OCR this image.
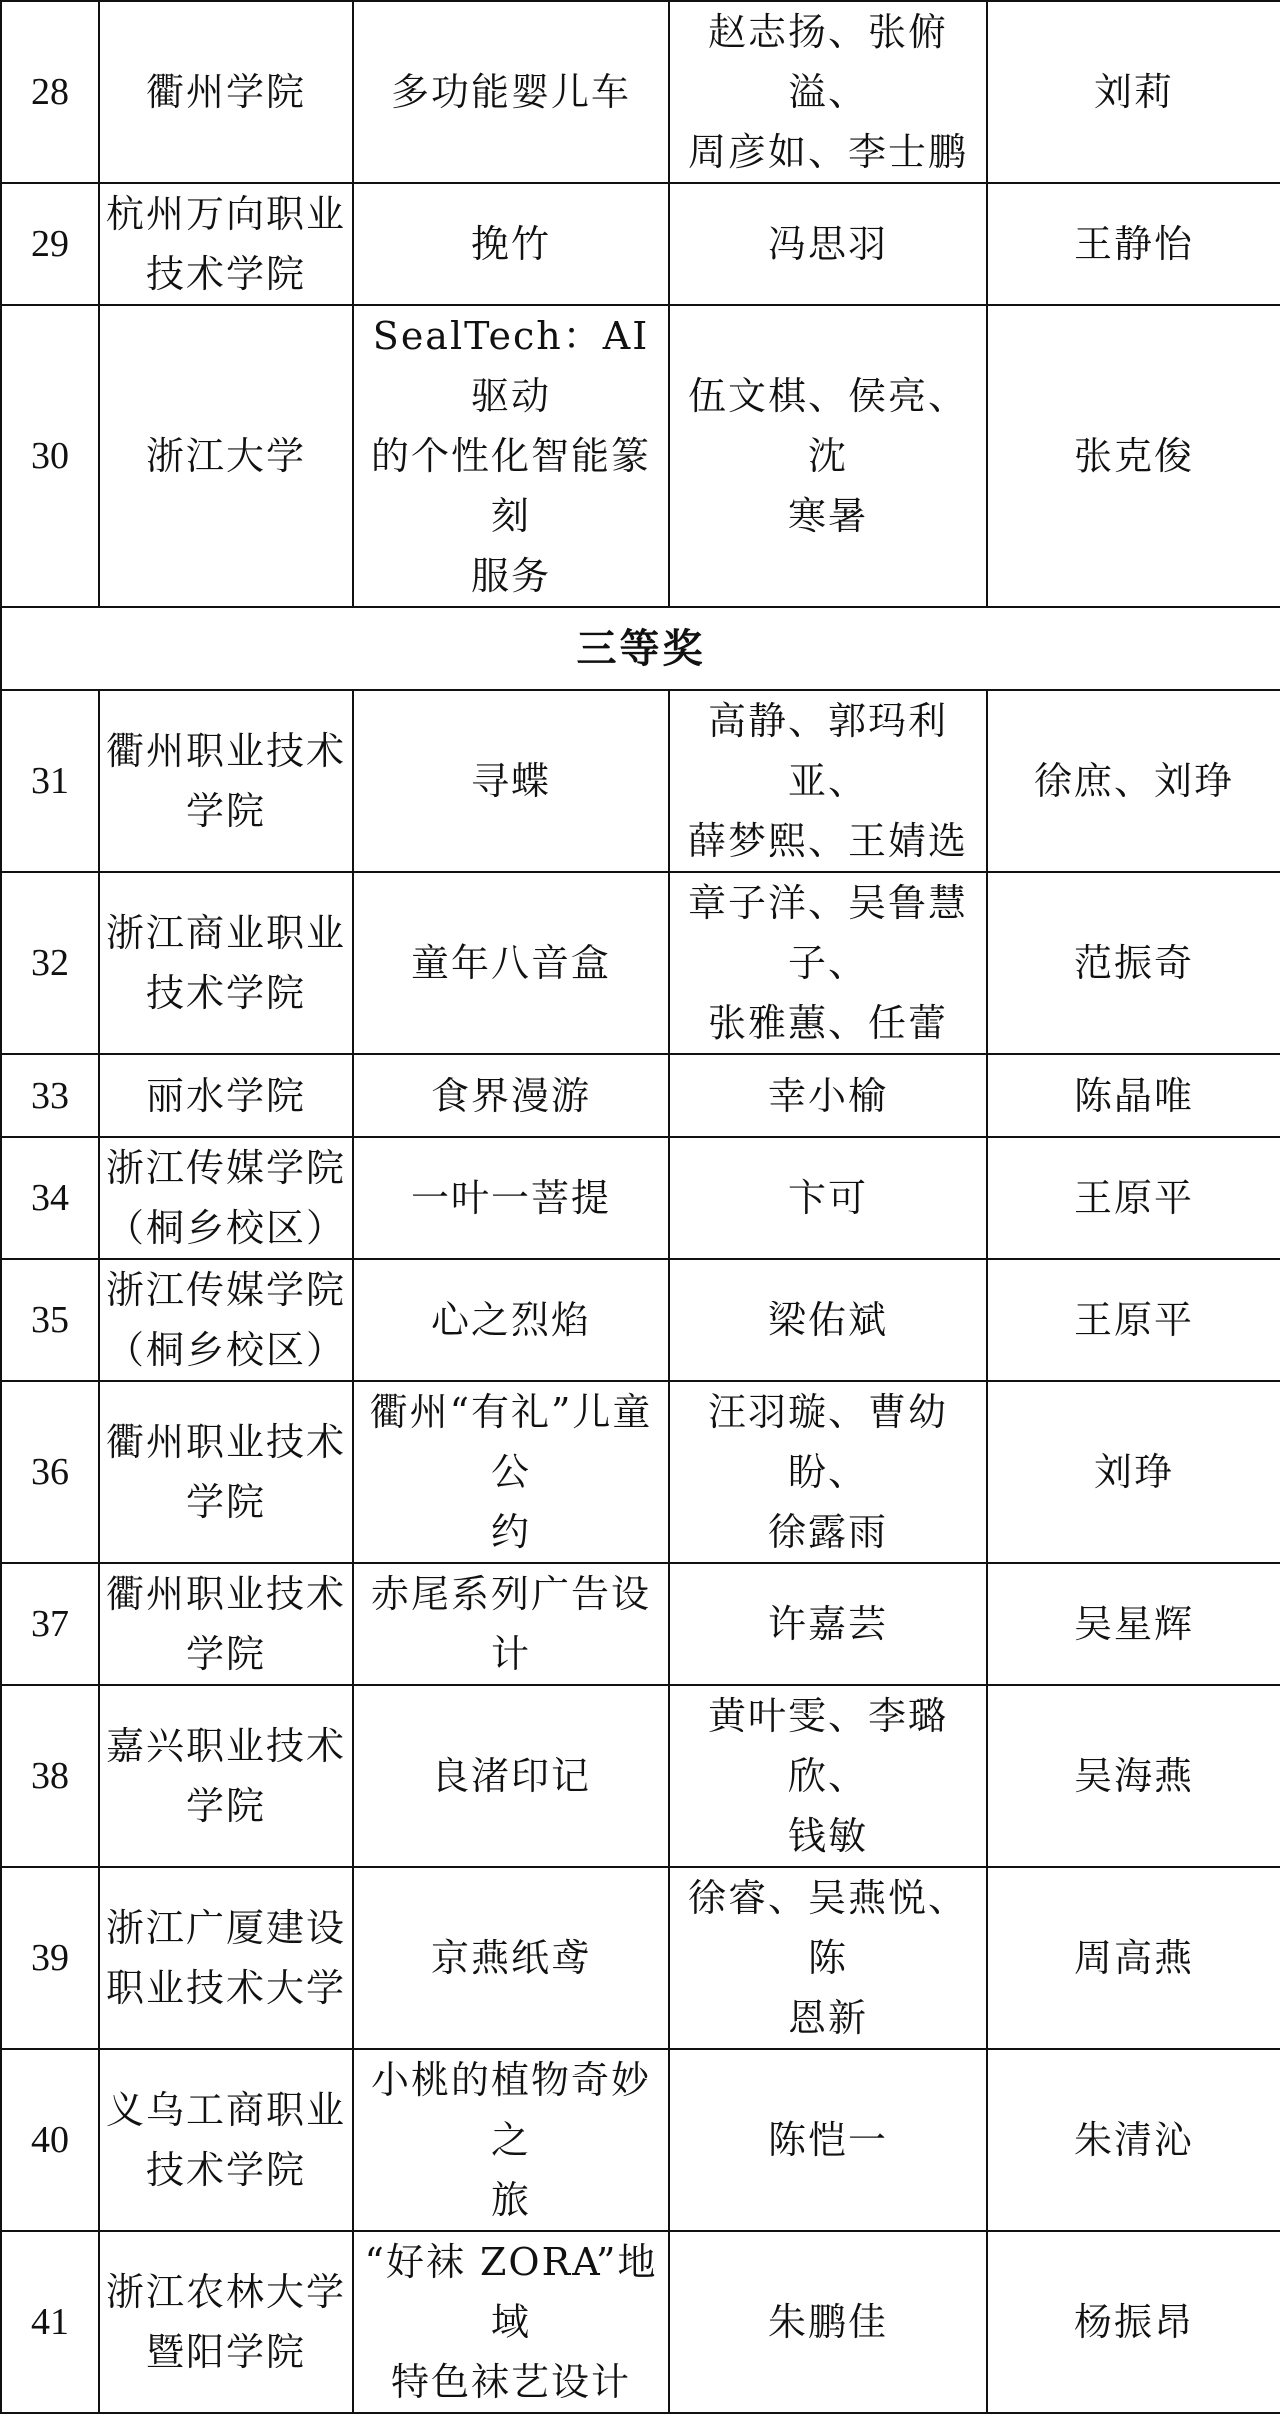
28	衢州学院	多功能婴儿车	赵志扬、张俯溢、
周彦如、李士鹏	刘莉

29	杭州万向职业
技术学院	挽竹	冯思羽	王静怡

30	浙江大学	SealTech：AI 驱动
的个性化智能篆刻
服务	伍文棋、侯亮、沈
寒暑	张克俊

三等奖				
31	衢州职业技术
学院	寻蝶	高静、郭玛利亚、
薛梦熙、王婧选	徐庶、刘琤

32	浙江商业职业
技术学院	童年八音盒	章子洋、吴鲁慧子、
张雅蕙、任蕾	范振奇

33	丽水学院	食界漫游	幸小榆	陈晶唯

34	浙江传媒学院
（桐乡校区）	一叶一菩提	卞可	王原平

35	浙江传媒学院
（桐乡校区）	心之烈焰	梁佑斌	王原平

36	衢州职业技术
学院	衢州“有礼”儿童公
约	汪羽璇、曹幼盼、
徐露雨	刘琤

37	衢州职业技术
学院	赤尾系列广告设计	许嘉芸	吴星辉

38	嘉兴职业技术
学院	良渚印记	黄叶雯、李璐欣、
钱敏	吴海燕

39	浙江广厦建设
职业技术大学	京燕纸鸢	徐睿、吴燕悦、陈
恩新	周高燕

40	义乌工商职业
技术学院	小桃的植物奇妙之
旅	陈恺一	朱清沁

41	浙江农林大学
暨阳学院	“好袜 ZORA”地域
特色袜艺设计	朱鹏佳	杨振昂
